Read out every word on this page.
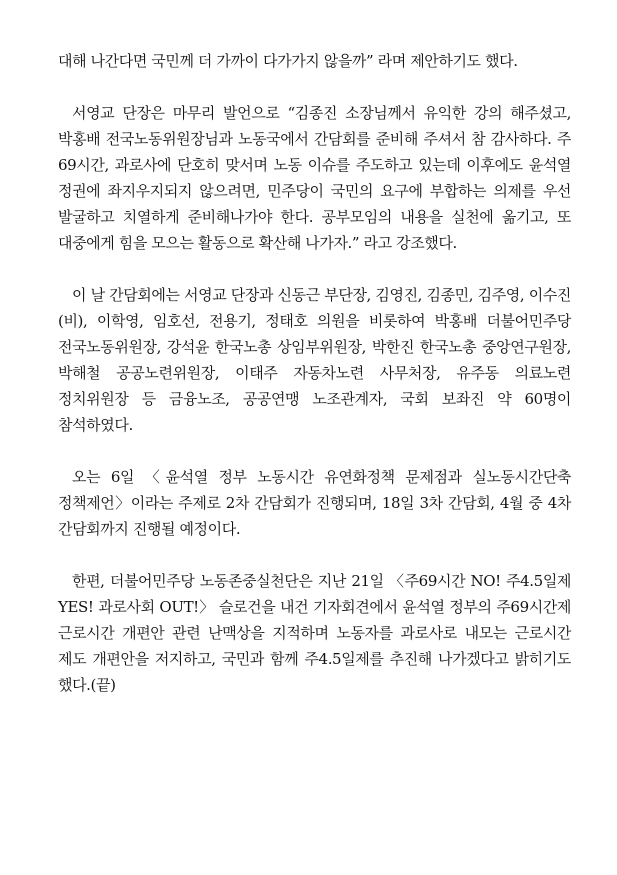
대해 나간다면 국민께 더 가까이 다가가지 않을까” 라며 제안하기도 했다.

서영교 단장은 마무리 발언으로 “김종진 소장님께서 유익한 강의 해주셨고, 박홍배 전국노동위원장님과 노동국에서 간담회를 준비해 주셔서 참 감사하다. 주 69시간, 과로사에 단호히 맞서며 노동 이슈를 주도하고 있는데 이후에도 윤석열 정권에 좌지우지되지 않으려면, 민주당이 국민의 요구에 부합하는 의제를 우선 발굴하고 치열하게 준비해나가야 한다. 공부모임의 내용을 실천에 옮기고, 또 대중에게 힘을 모으는 활동으로 확산해 나가자.” 라고 강조했다.

이 날 간담회에는 서영교 단장과 신동근 부단장, 김영진, 김종민, 김주영, 이수진(비), 이학영, 임호선, 전용기, 정태호 의원을 비롯하여 박홍배 더불어민주당 전국노동위원장, 강석윤 한국노총 상임부위원장, 박한진 한국노총 중앙연구원장, 박해철 공공노련위원장, 이태주 자동차노련 사무처장, 유주동 의료노련 정치위원장 등 금융노조, 공공연맹 노조관계자, 국회 보좌진 약 60명이 참석하였다.

오는 6일 〈윤석열 정부 노동시간 유연화정책 문제점과 실노동시간단축 정책제언〉이라는 주제로 2차 간담회가 진행되며, 18일 3차 간담회, 4월 중 4차 간담회까지 진행될 예정이다.

한편, 더불어민주당 노동존중실천단은 지난 21일 〈주69시간 NO! 주4.5일제 YES! 과로사회 OUT!〉 슬로건을 내건 기자회견에서 윤석열 정부의 주69시간제 근로시간 개편안 관련 난맥상을 지적하며 노동자를 과로사로 내모는 근로시간 제도 개편안을 저지하고, 국민과 함께 주4.5일제를 추진해 나가겠다고 밝히기도 했다.(끝)
